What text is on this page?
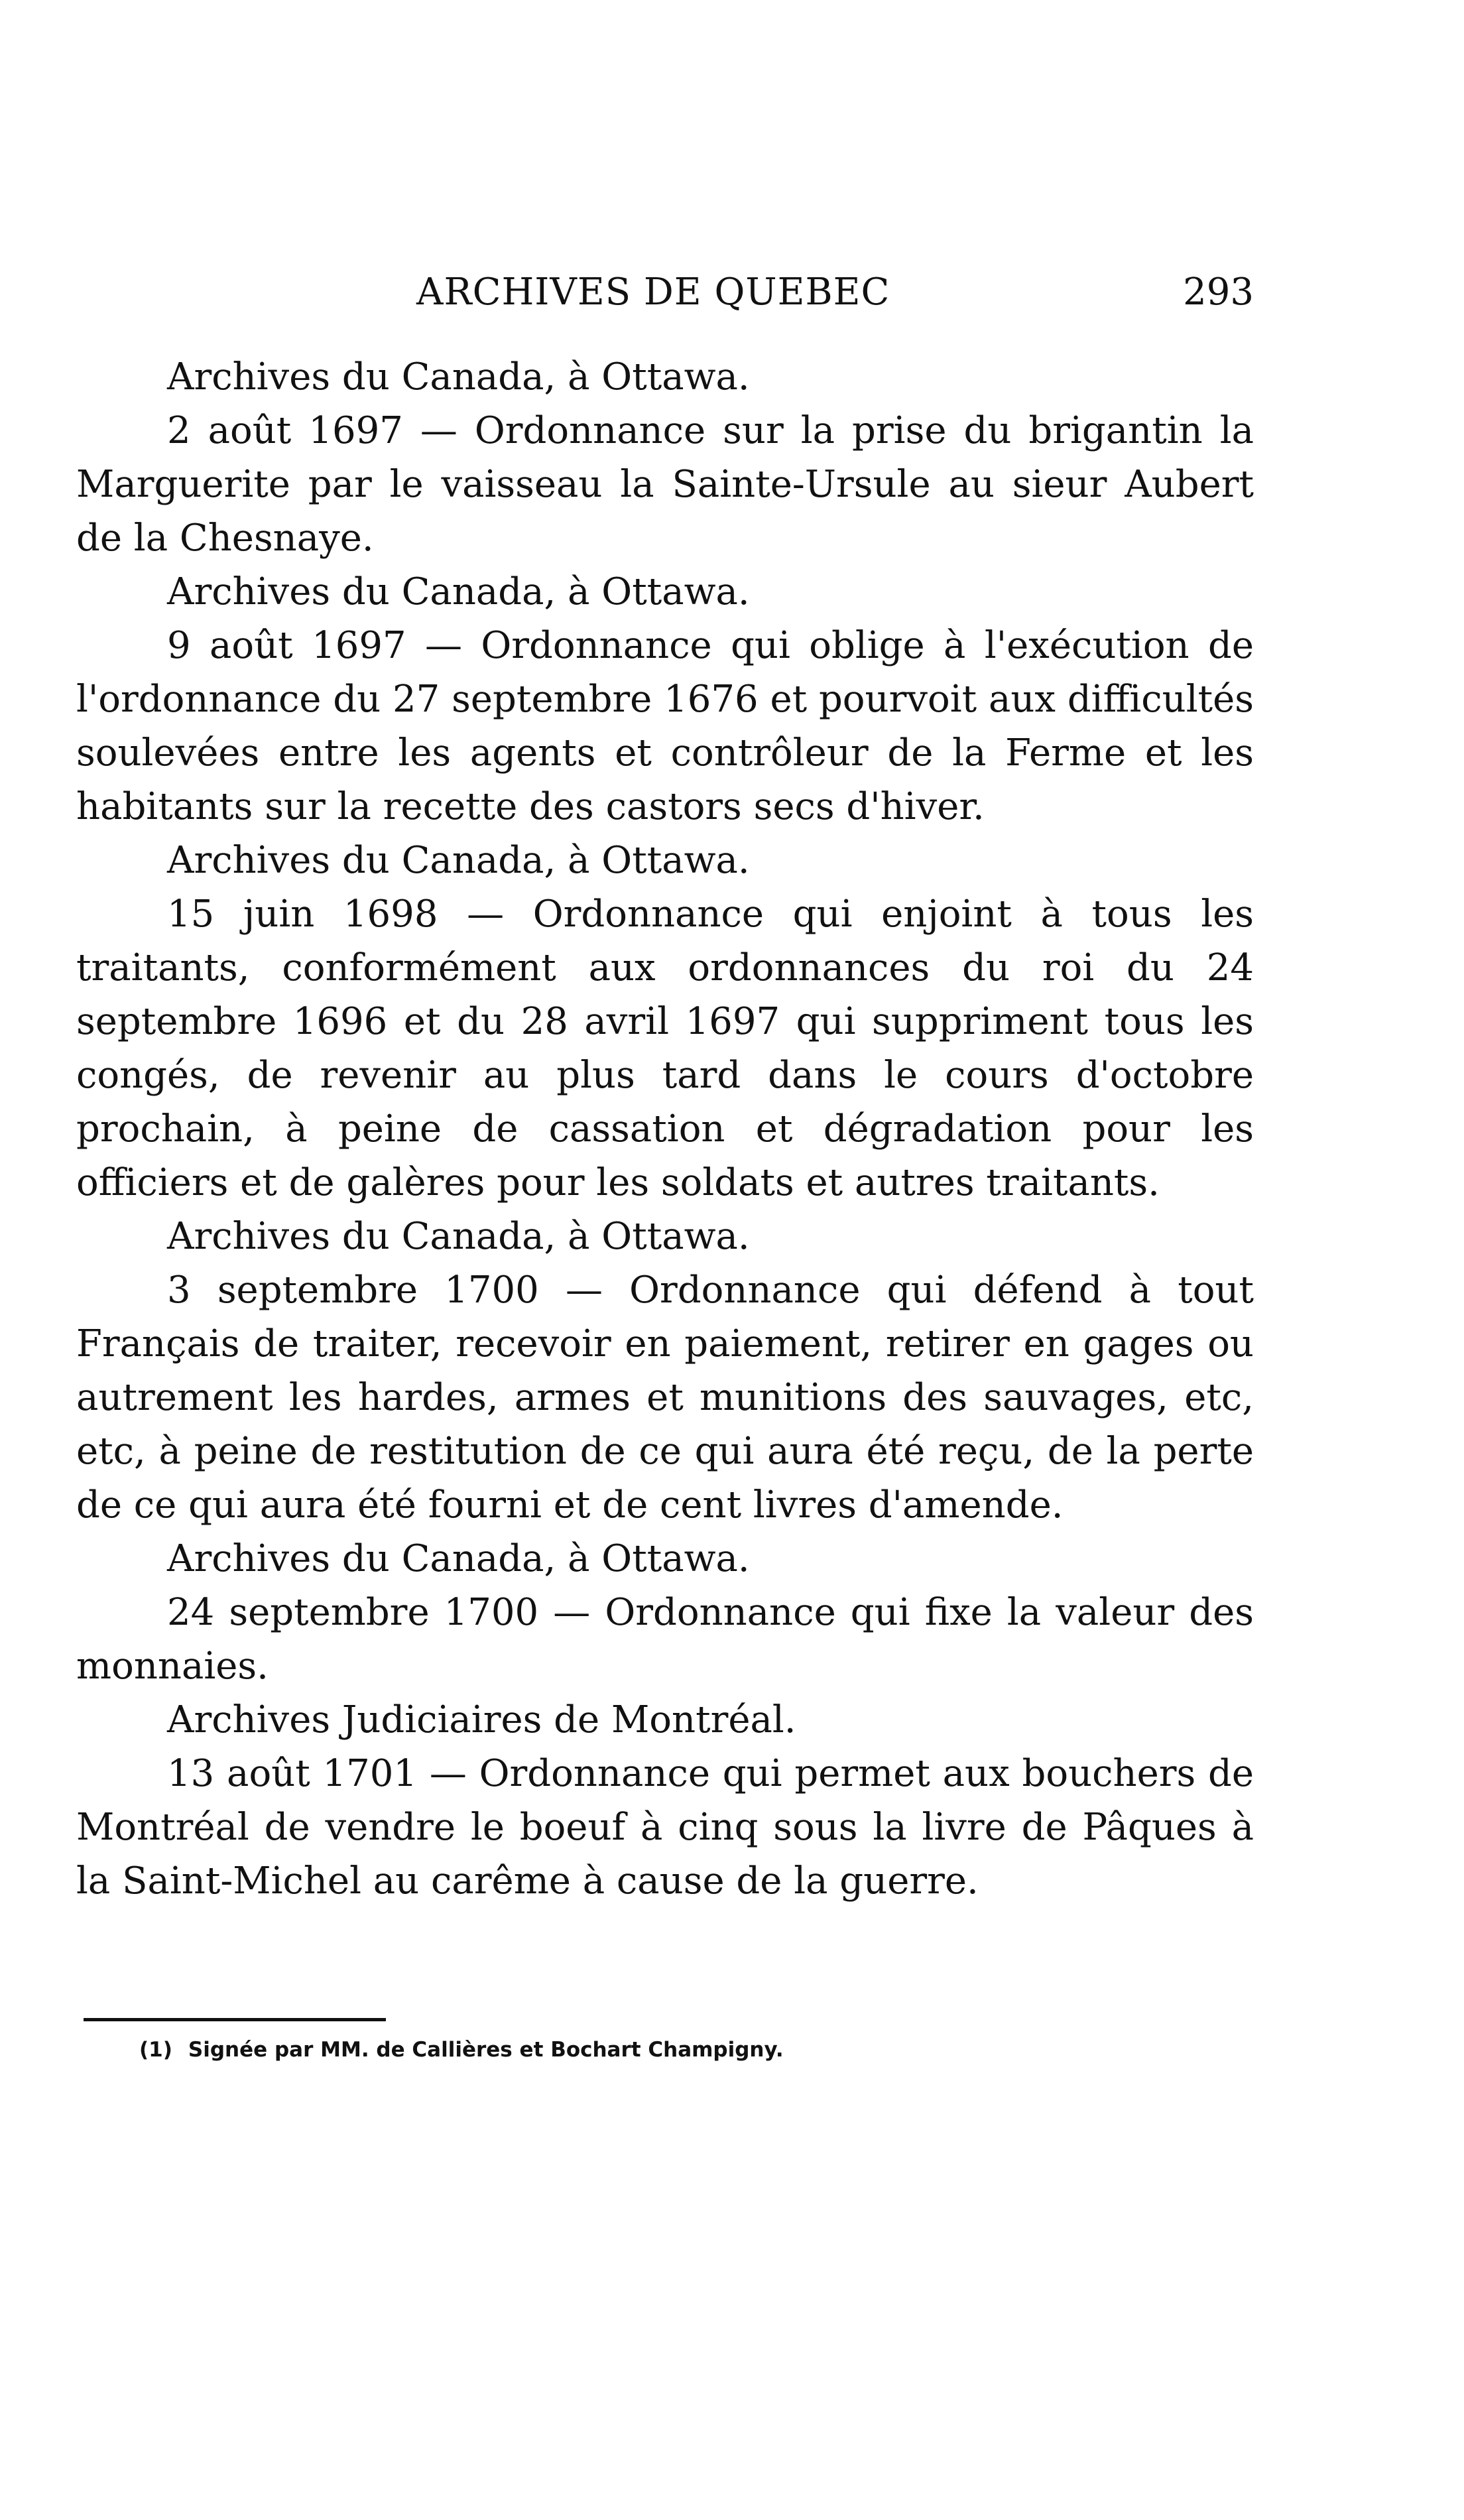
ARCHIVES DE QUEBEC	293

Archives du Canada, à Ottawa.

2 août 1697 — Ordonnance sur la prise du brigantin la Marguerite par le vaisseau la Sainte-Ursule au sieur Aubert de la Chesnaye.

Archives du Canada, à Ottawa.

9 août 1697 — Ordonnance qui oblige à l'exécution de l'ordonnance du 27 septembre 1676 et pourvoit aux difficultés soulevées entre les agents et contrôleur de la Ferme et les habitants sur la recette des castors secs d'hiver.

Archives du Canada, à Ottawa.

15 juin 1698 — Ordonnance qui enjoint à tous les traitants, conformément aux ordonnances du roi du 24 septembre 1696 et du 28 avril 1697 qui suppriment tous les congés, de revenir au plus tard dans le cours d'octobre prochain, à peine de cassation et dégradation pour les officiers et de galères pour les soldats et autres traitants.

Archives du Canada, à Ottawa.

3 septembre 1700 — Ordonnance qui défend à tout Français de traiter, recevoir en paiement, retirer en gages ou autrement les hardes, armes et munitions des sauvages, etc, etc, à peine de restitution de ce qui aura été reçu, de la perte de ce qui aura été fourni et de cent livres d'amende.

Archives du Canada, à Ottawa.

24 septembre 1700 — Ordonnance qui fixe la valeur des monnaies.

Archives Judiciaires de Montréal.

13 août 1701 — Ordonnance qui permet aux bouchers de Montréal de vendre le boeuf à cinq sous la livre de Pâques à la Saint-Michel au carême à cause de la guerre.

(1) Signée par MM. de Callières et Bochart Champigny.
